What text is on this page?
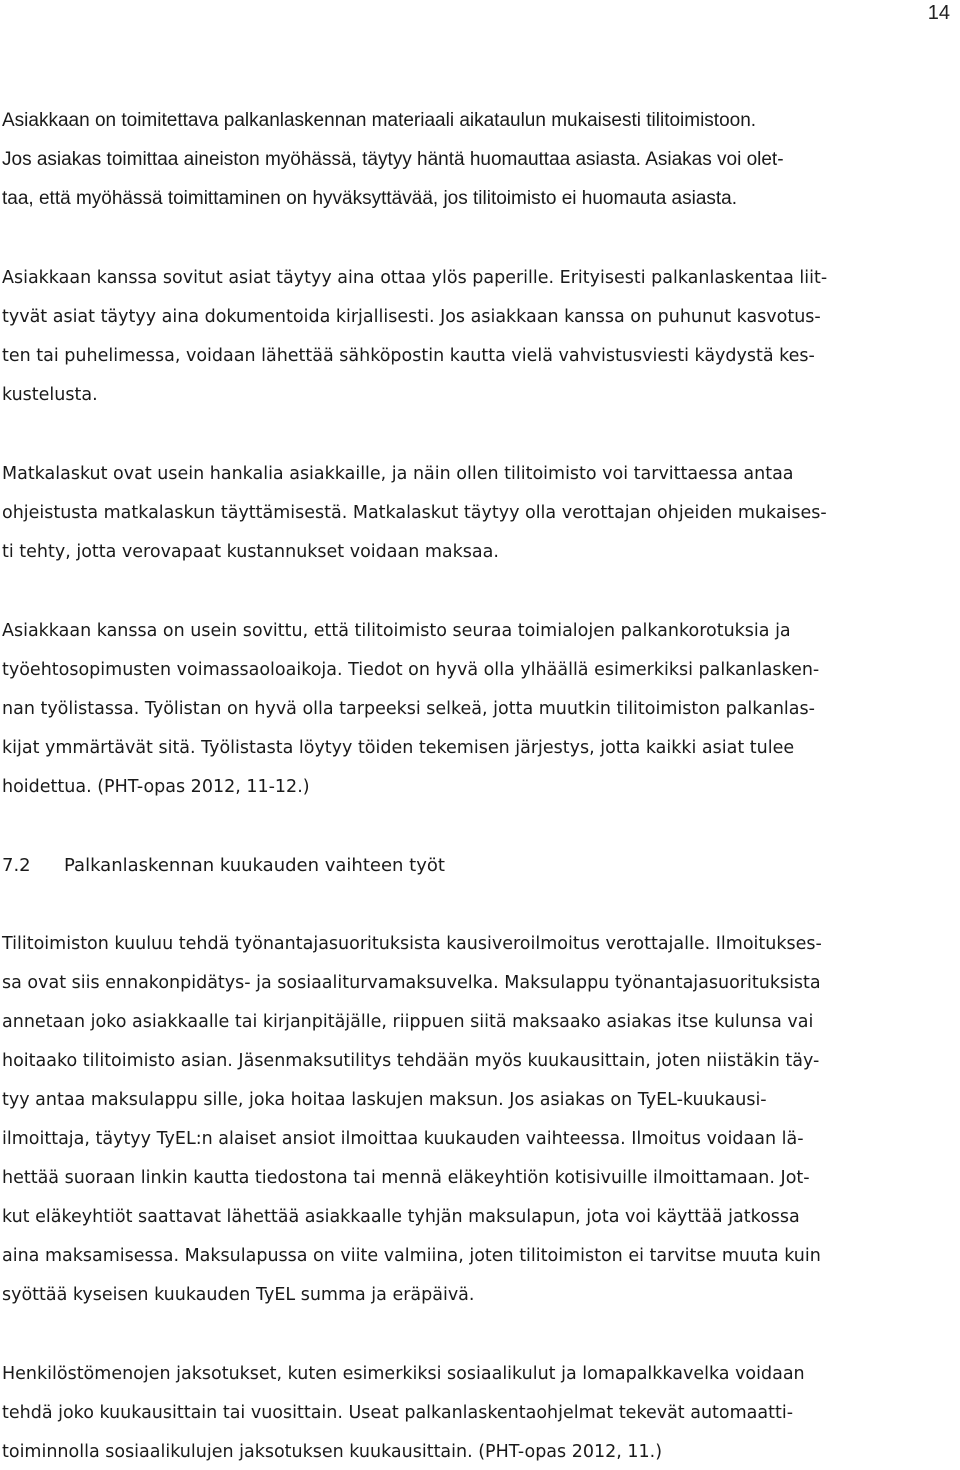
14
Asiakkaan on toimitettava palkanlaskennan materiaali aikataulun mukaisesti tilitoimistoon.
Jos asiakas toimittaa aineiston myöhässä, täytyy häntä huomauttaa asiasta. Asiakas voi olet-
taa, että myöhässä toimittaminen on hyväksyttävää, jos tilitoimisto ei huomauta asiasta.
Asiakkaan kanssa sovitut asiat täytyy aina ottaa ylös paperille. Erityisesti palkanlaskentaa liit-
tyvät asiat täytyy aina dokumentoida kirjallisesti. Jos asiakkaan kanssa on puhunut kasvotus-
ten tai puhelimessa, voidaan lähettää sähköpostin kautta vielä vahvistusviesti käydystä kes-
kustelusta.
Matkalaskut ovat usein hankalia asiakkaille, ja näin ollen tilitoimisto voi tarvittaessa antaa
ohjeistusta matkalaskun täyttämisestä. Matkalaskut täytyy olla verottajan ohjeiden mukaises-
ti tehty, jotta verovapaat kustannukset voidaan maksaa.
Asiakkaan kanssa on usein sovittu, että tilitoimisto seuraa toimialojen palkankorotuksia ja
työehtosopimusten voimassaoloaikoja. Tiedot on hyvä olla ylhäällä esimerkiksi palkanlasken-
nan työlistassa. Työlistan on hyvä olla tarpeeksi selkeä, jotta muutkin tilitoimiston palkanlas-
kijat ymmärtävät sitä. Työlistasta löytyy töiden tekemisen järjestys, jotta kaikki asiat tulee
hoidettua. (PHT-opas 2012, 11-12.)
7.2 Palkanlaskennan kuukauden vaihteen työt
Tilitoimiston kuuluu tehdä työnantajasuorituksista kausiveroilmoitus verottajalle. Ilmoitukses-
sa ovat siis ennakonpidätys- ja sosiaaliturvamaksuvelka. Maksulappu työnantajasuorituksista
annetaan joko asiakkaalle tai kirjanpitäjälle, riippuen siitä maksaako asiakas itse kulunsa vai
hoitaako tilitoimisto asian. Jäsenmaksutilitys tehdään myös kuukausittain, joten niistäkin täy-
tyy antaa maksulappu sille, joka hoitaa laskujen maksun. Jos asiakas on TyEL-kuukausi-
ilmoittaja, täytyy TyEL:n alaiset ansiot ilmoittaa kuukauden vaihteessa. Ilmoitus voidaan lä-
hettää suoraan linkin kautta tiedostona tai mennä eläkeyhtiön kotisivuille ilmoittamaan. Jot-
kut eläkeyhtiöt saattavat lähettää asiakkaalle tyhjän maksulapun, jota voi käyttää jatkossa
aina maksamisessa. Maksulapussa on viite valmiina, joten tilitoimiston ei tarvitse muuta kuin
syöttää kyseisen kuukauden TyEL summa ja eräpäivä.
Henkilöstömenojen jaksotukset, kuten esimerkiksi sosiaalikulut ja lomapalkkavelka voidaan
tehdä joko kuukausittain tai vuosittain. Useat palkanlaskentaohjelmat tekevät automaatti-
toiminnolla sosiaalikulujen jaksotuksen kuukausittain. (PHT-opas 2012, 11.)
